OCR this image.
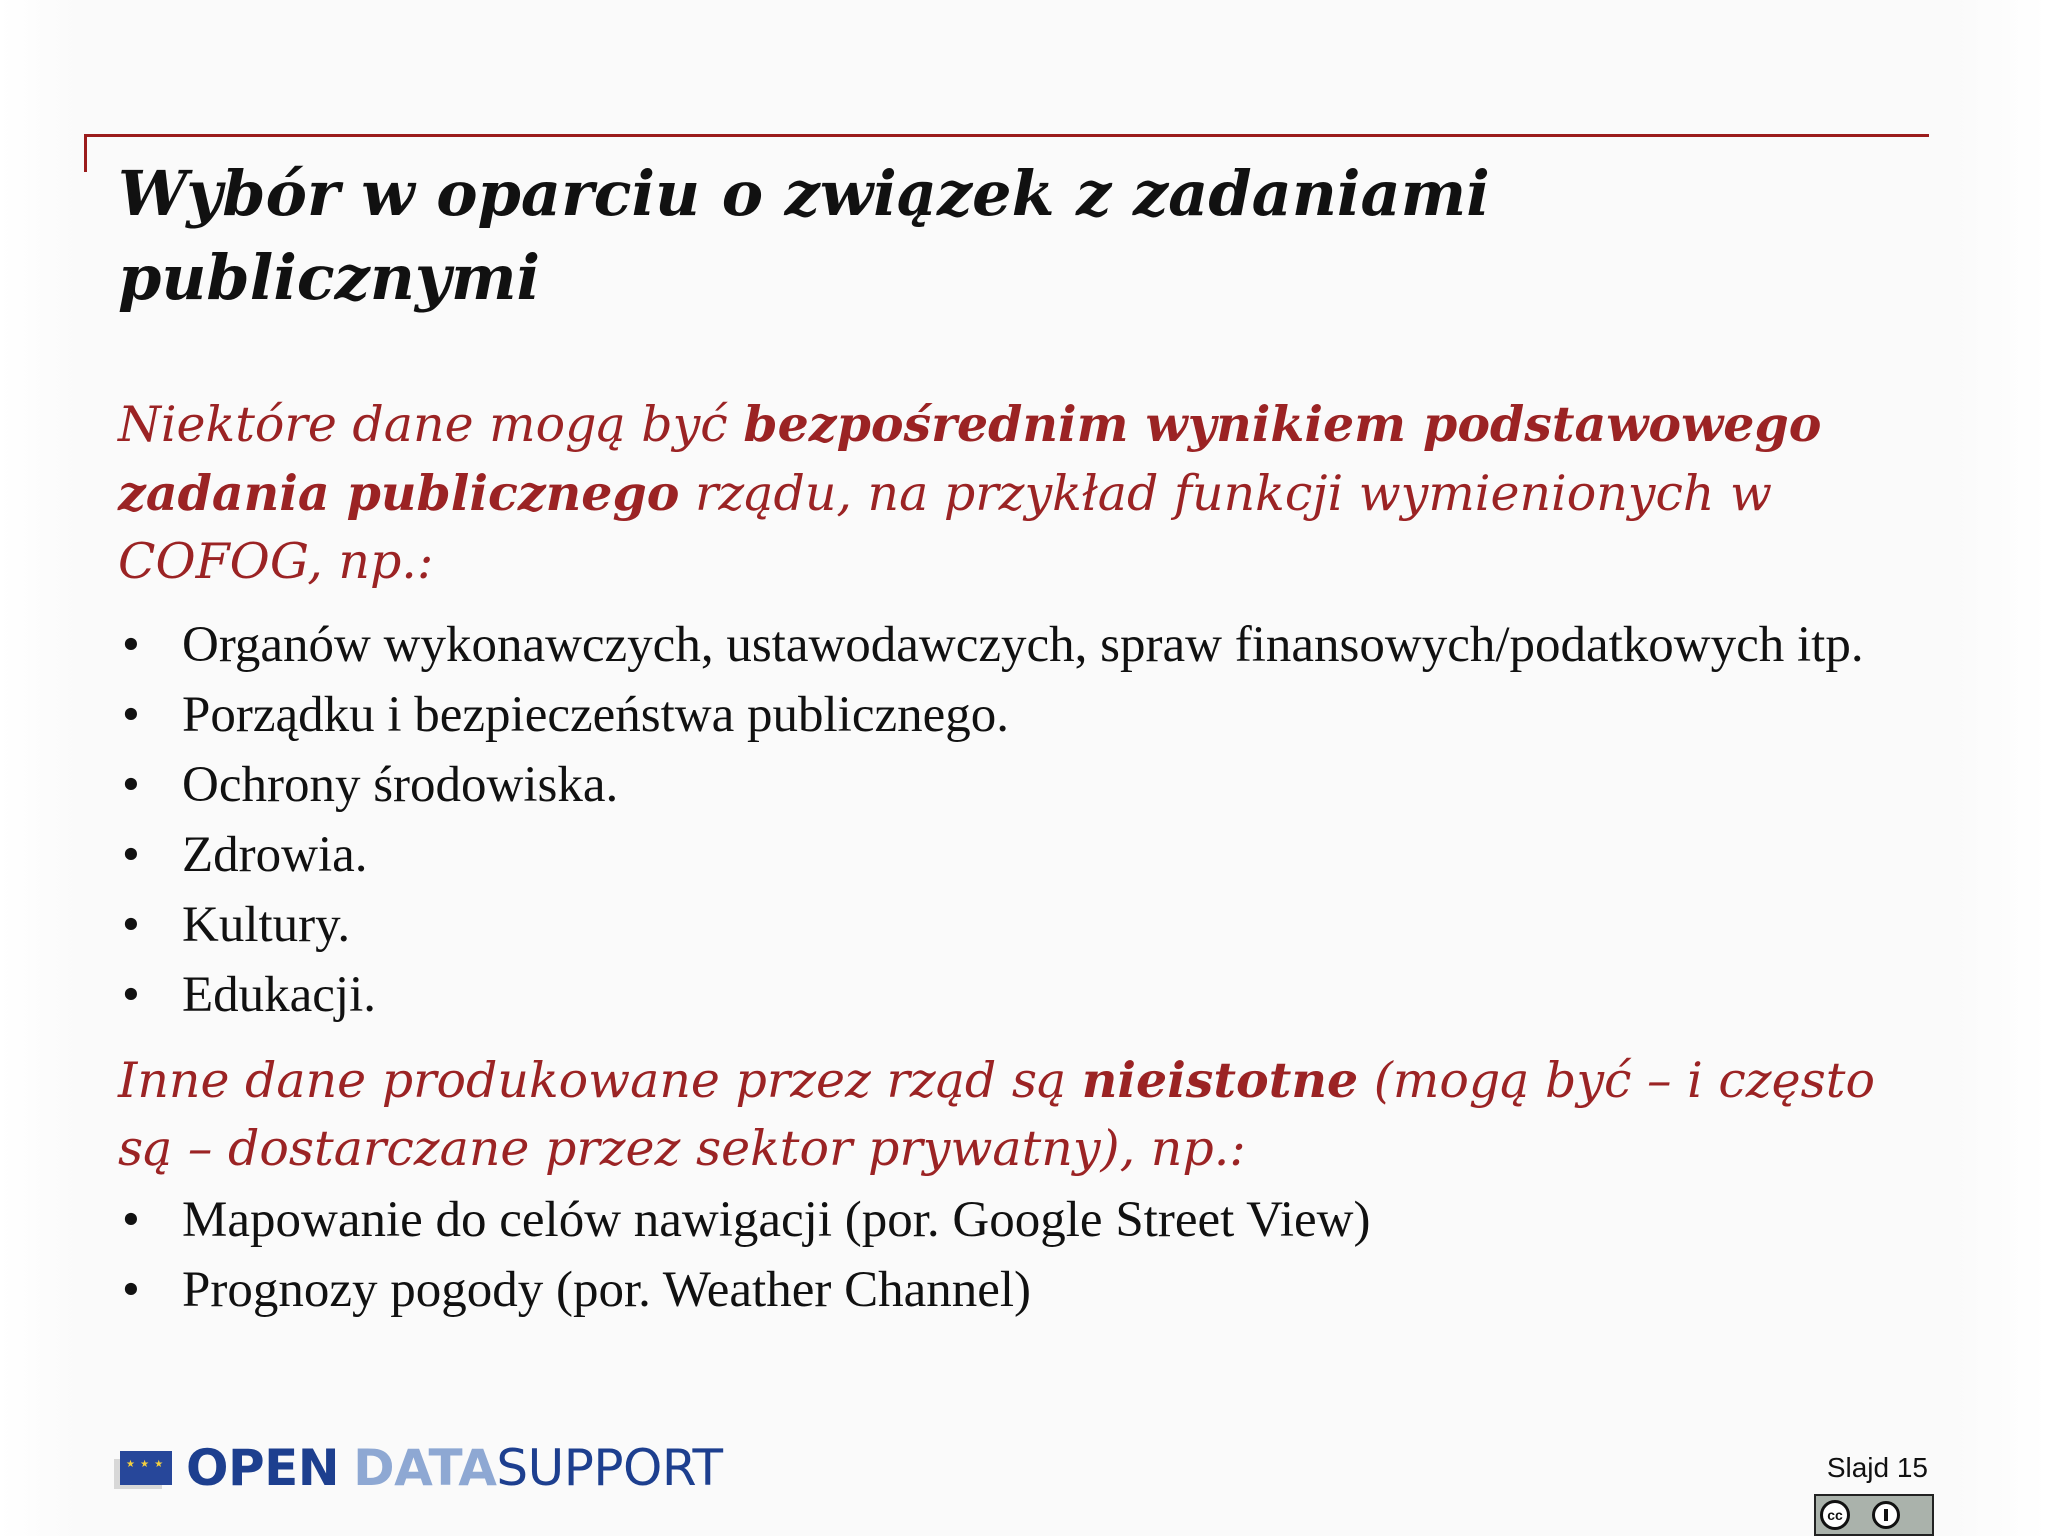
Wybór w oparciu o związek z zadaniami publicznymi

Niektóre dane mogą być bezpośrednim wynikiem podstawowego zadania publicznego rządu, na przykład funkcji wymienionych w COFOG, np.:

• Organów wykonawczych, ustawodawczych, spraw finansowych/podatkowych itp.
• Porządku i bezpieczeństwa publicznego.
• Ochrony środowiska.
• Zdrowia.
• Kultury.
• Edukacji.

Inne dane produkowane przez rząd są nieistotne (mogą być – i często są – dostarczane przez sektor prywatny), np.:

• Mapowanie do celów nawigacji (por. Google Street View)
• Prognozy pogody (por. Weather Channel)
★ ★ ★
OPEN DATASUPPORT	Slajd 15
cc
